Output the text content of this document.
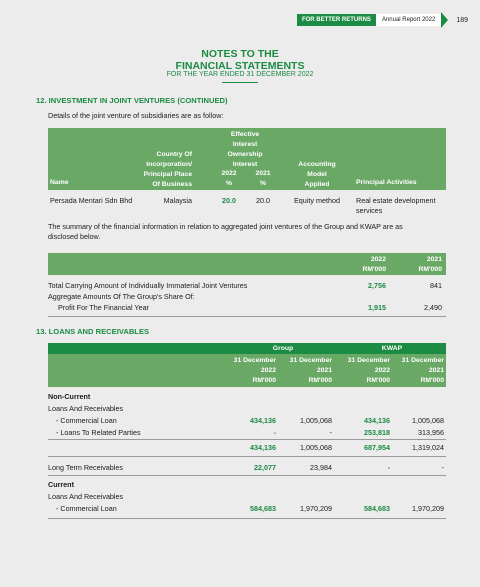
FOR BETTER RETURNS	Annual Report 2022	189
NOTES TO THE
FINANCIAL STATEMENTS
FOR THE YEAR ENDED 31 DECEMBER 2022
12. INVESTMENT IN JOINT VENTURES (CONTINUED)
Details of the joint venture of subsidiaries are as follow:
Name
Country Of
Incorporation/
Principal Place
Of Business
Effective
Interest
Ownership
Interest
2022	2021
%	%
Accounting
Model
Applied	Principal Activities
Persada Mentari Sdn Bhd	Malaysia	20.0	20.0	Equity method	Real estate development
services
The summary of the financial information in relation to aggregated joint ventures of the Group and KWAP are as
disclosed below.
2022
RM'000
2021
RM'000
Total Carrying Amount of Individually Immaterial Joint Ventures	2,756	841
Aggregate Amounts Of The Group's Share Of:
Profit For The Financial Year	1,915	2,490
13. LOANS AND RECEIVABLES
Group	KWAP
31 December
2022
RM'000
31 December
2021
RM'000
31 December
2022
RM'000
31 December
2021
RM'000
Non-Current
Loans And Receivables
- Commercial Loan	434,136	1,005,068	434,136	1,005,068
- Loans To Related Parties	-	-	253,818	313,956
434,136	1,005,068	687,954	1,319,024
Long Term Receivables	22,077	23,984	-	-
Current
Loans And Receivables
- Commercial Loan	584,683	1,970,209	584,683	1,970,209
